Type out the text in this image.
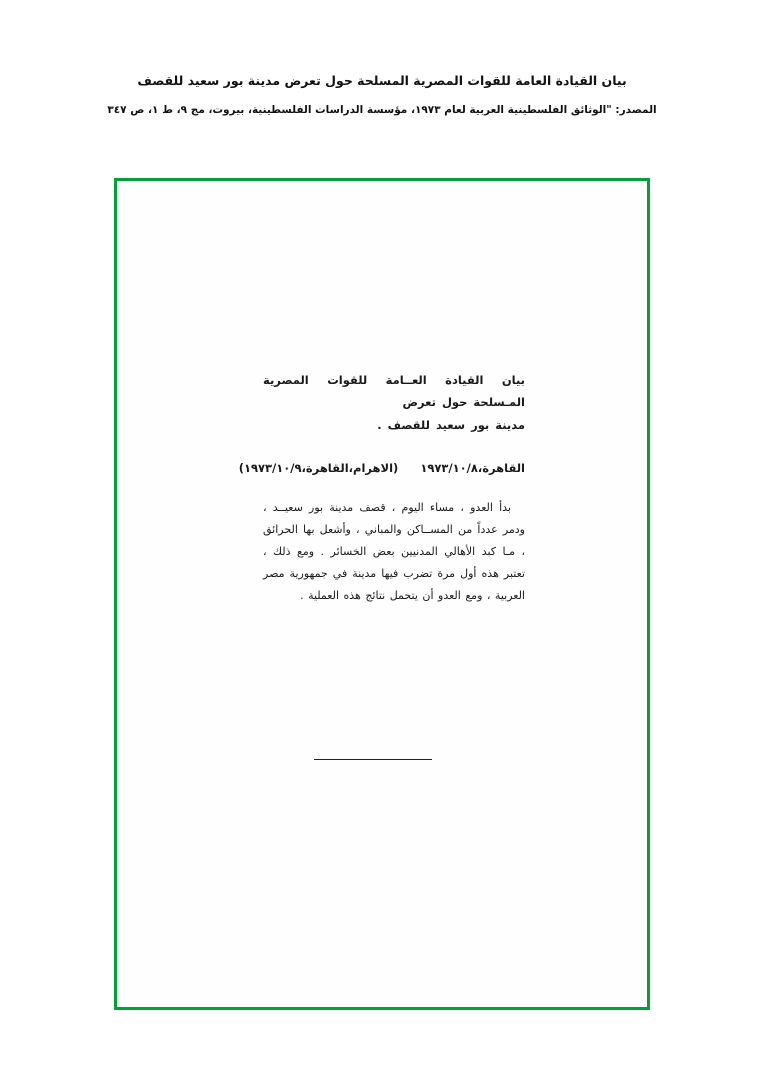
بيان القيادة العامة للقوات المصرية المسلحة حول تعرض مدينة بور سعيد للقصف
المصدر: "الوثائق الفلسطينية العربية لعام ١٩٧٣، مؤسسة الدراسات الفلسطينية، بيروت، مج ٩، ط ١، ص ٣٤٧
بيان القيادة العــامة للقوات المصرية المـسلحة حول تعرض
مدينة بور سعيد للقصف .
القاهرة،١٩٧٣/١٠/٨ (الاهرام،القاهرة،١٩٧٣/١٠/٩)

بدأ العدو ، مساء اليوم ، قصف مدينة بور سعيــد ، ودمر عدداً من المســاكن والمباني ، وأشعل بها الحرائق ، مـا كبد الأهالي المدنيين بعض الخسائر . ومع ذلك ، تعتبر هذه أول مرة تضرب فيها مدينة في جمهورية مصر العربية ، ومع العدو أن يتحمل نتائج هذه العملية .
